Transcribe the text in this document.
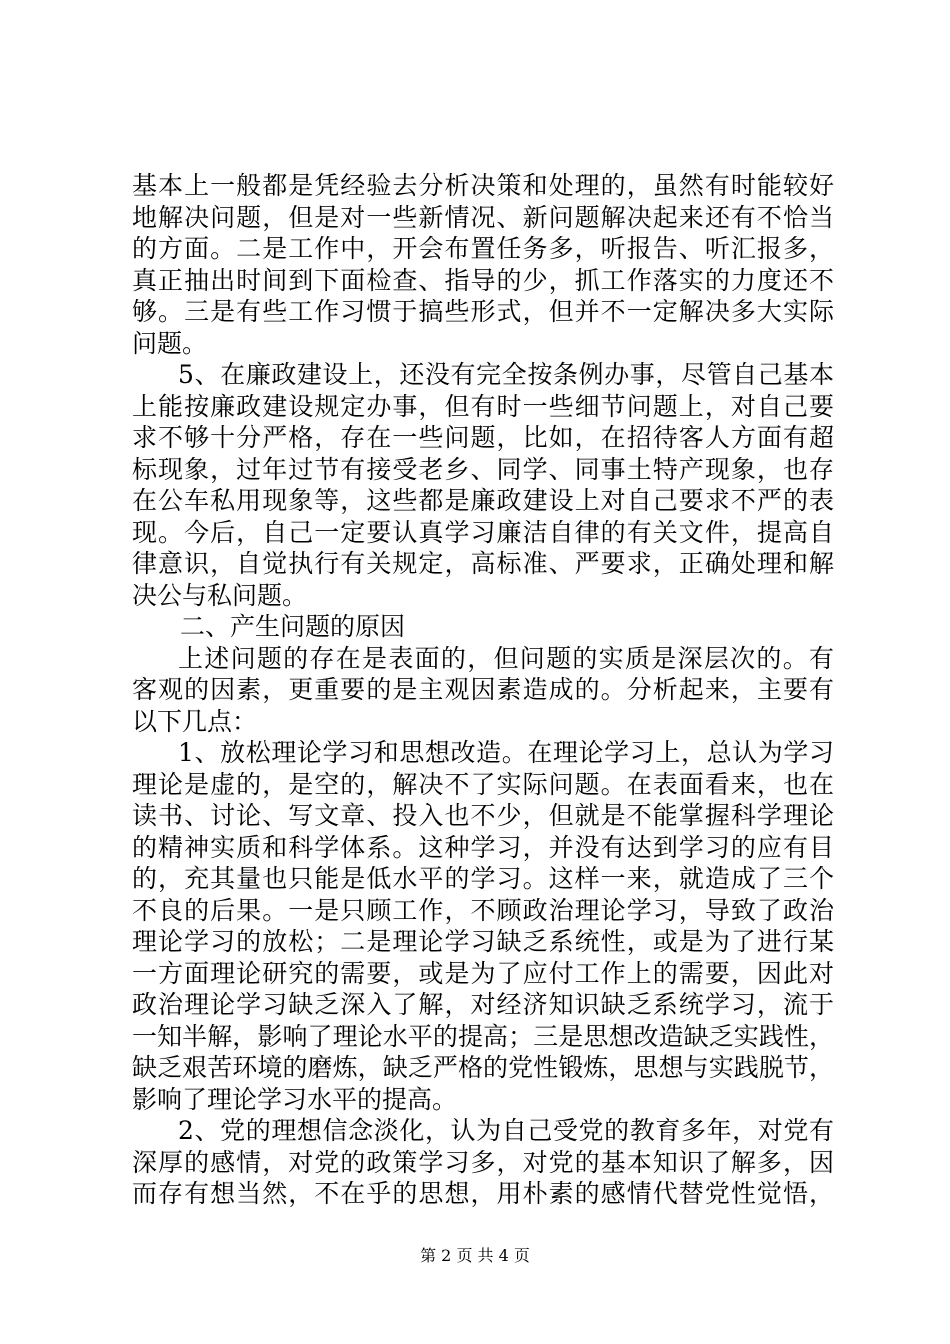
基本上一般都是凭经验去分析决策和处理的，虽然有时能较好
地解决问题，但是对一些新情况、新问题解决起来还有不恰当
的方面。二是工作中，开会布置任务多，听报告、听汇报多，
真正抽出时间到下面检查、指导的少，抓工作落实的力度还不
够。三是有些工作习惯于搞些形式，但并不一定解决多大实际
问题。
5、在廉政建设上，还没有完全按条例办事，尽管自己基本
上能按廉政建设规定办事，但有时一些细节问题上，对自己要
求不够十分严格，存在一些问题，比如，在招待客人方面有超
标现象，过年过节有接受老乡、同学、同事土特产现象，也存
在公车私用现象等，这些都是廉政建设上对自己要求不严的表
现。今后，自己一定要认真学习廉洁自律的有关文件，提高自
律意识，自觉执行有关规定，高标准、严要求，正确处理和解
决公与私问题。
二、产生问题的原因
上述问题的存在是表面的，但问题的实质是深层次的。有
客观的因素，更重要的是主观因素造成的。分析起来，主要有
以下几点：
1、放松理论学习和思想改造。在理论学习上，总认为学习
理论是虚的，是空的，解决不了实际问题。在表面看来，也在
读书、讨论、写文章、投入也不少，但就是不能掌握科学理论
的精神实质和科学体系。这种学习，并没有达到学习的应有目
的，充其量也只能是低水平的学习。这样一来，就造成了三个
不良的后果。一是只顾工作，不顾政治理论学习，导致了政治
理论学习的放松；二是理论学习缺乏系统性，或是为了进行某
一方面理论研究的需要，或是为了应付工作上的需要，因此对
政治理论学习缺乏深入了解，对经济知识缺乏系统学习，流于
一知半解，影响了理论水平的提高；三是思想改造缺乏实践性，
缺乏艰苦环境的磨炼，缺乏严格的党性锻炼，思想与实践脱节，
影响了理论学习水平的提高。
2、党的理想信念淡化，认为自己受党的教育多年，对党有
深厚的感情，对党的政策学习多，对党的基本知识了解多，因
而存有想当然，不在乎的思想，用朴素的感情代替党性觉悟，
第 2 页 共 4 页
